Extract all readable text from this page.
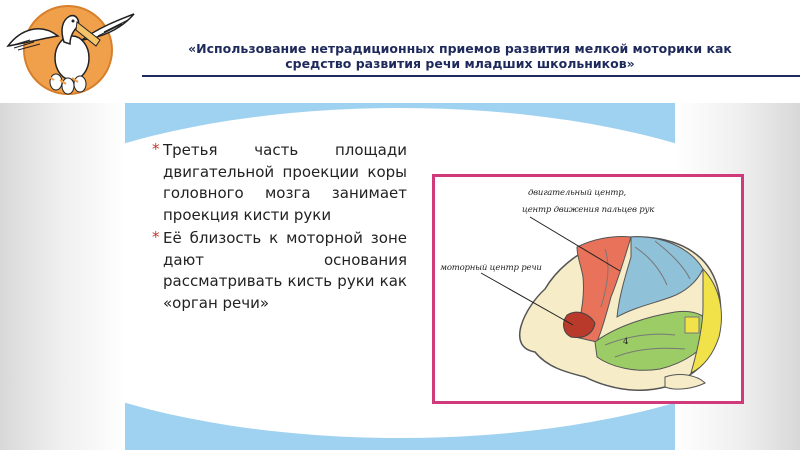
«Использование нетрадиционных приемов развития мелкой моторики как средство развития речи младших школьников»
* Третья часть площади двигательной проекции коры головного мозга занимает проекция кисти руки
* Её близость к моторной зоне дают основания рассматривать кисть руки как «орган речи»
двигательный центр,
центр движения пальцев рук
моторный центр речи
4
